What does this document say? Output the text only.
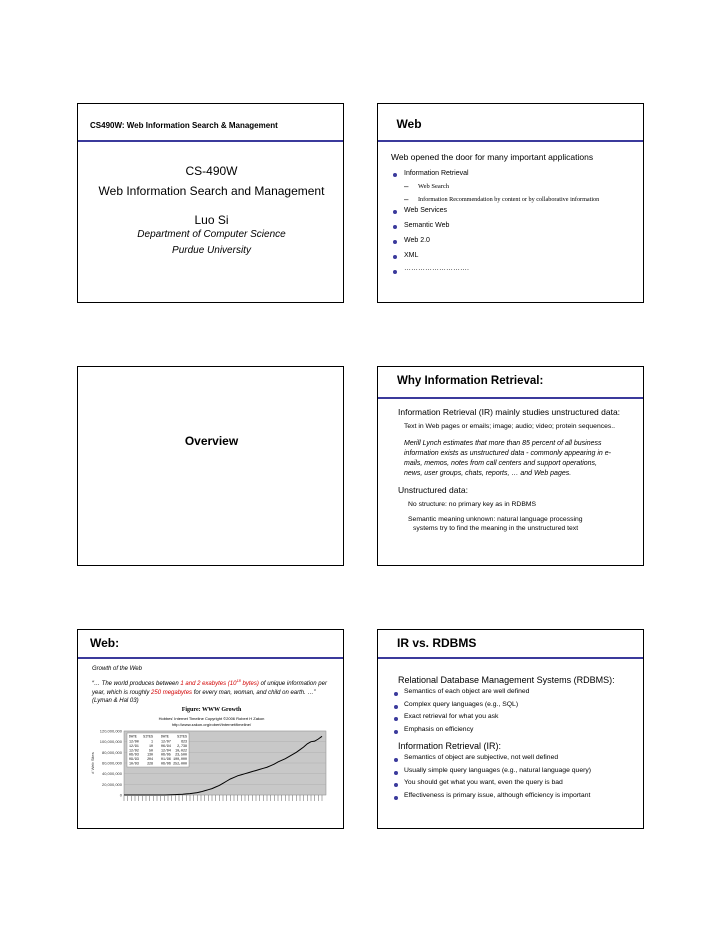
CS490W: Web Information Search & Management
CS-490W
Web Information Search and Management
Luo Si
Department of Computer Science
Purdue University
Web
Web opened the door for many important applications
Information Retrieval
– Web Search
– Information Recommendation by content or by collaborative information
Web Services
Semantic Web
Web 2.0
XML
……………………….
Overview
Why Information Retrieval:
Information Retrieval (IR) mainly studies unstructured data:
Text in Web pages or emails; image; audio; video; protein sequences..
Merill Lynch estimates that more than 85 percent of all business information exists as unstructured data - commonly appearing in e-mails, memos, notes from call centers and support operations, news, user groups, chats, reports, … and Web pages.
Unstructured data:
No structure: no primary key as in RDBMS
Semantic meaning unknown: natural language processing
systems try to find the meaning in the unstructured text
Web:
Growth of the Web
“… The world produces between 1 and 2 exabytes ($10^{18}$ bytes) of unique information per year, which is roughly 250 megabytes for every man, woman, and child on earth. …” (Lyman & Hal 03)
Figure: WWW Growth
Hobbes' Internet Timeline Copyright ©2006 Robert H Zakon
http://www.zakon.org/robert/internet/timeline/
120,000,000
100,000,000
80,000,000
60,000,000
40,000,000
20,000,000
0
# Web Sites
DATE SITES DATE SITES
12/90	1 12/97	623
12/91	10 06/94 2,738
12/92	50 12/94 10,022
06/93 130 06/95 23,500
09/93 204 01/96 100,000
10/93 228 06/96 252,000
IR vs. RDBMS
Relational Database Management Systems (RDBMS):
Semantics of each object are well defined
Complex query languages (e.g., SQL)
Exact retrieval for what you ask
Emphasis on efficiency
Information Retrieval (IR):
Semantics of object are subjective, not well defined
Usually simple query languages (e.g., natural language query)
You should get what you want, even the query is bad
Effectiveness is primary issue, although efficiency is important
